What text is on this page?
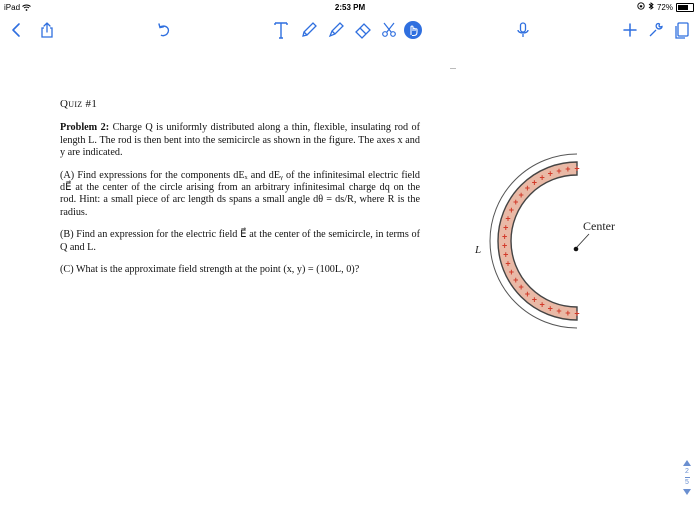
iPad	2:53 PM	72%
Quiz #1

Problem 2: Charge Q is uniformly distributed along a thin, flexible, insulating rod of length L. The rod is then bent into the semicircle as shown in the figure. The axes x and y are indicated.

(A) Find expressions for the components dEₓ and dEᵧ of the infinitesimal electric field dE⃗ at the center of the circle arising from an arbitrary infinitesimal charge dq on the rod. Hint: a small piece of arc length ds spans a small angle dθ = ds/R, where R is the radius.

(B) Find an expression for the electric field E⃗ at the center of the semicircle, in terms of Q and L.

(C) What is the approximate field strength at the point (x, y) = (100L, 0)?

+
+
+
+
+
+
+
+
+
+
+
+
+
+
+
+
+
+
+
+
+ + + + + +
L
Center
2
5
